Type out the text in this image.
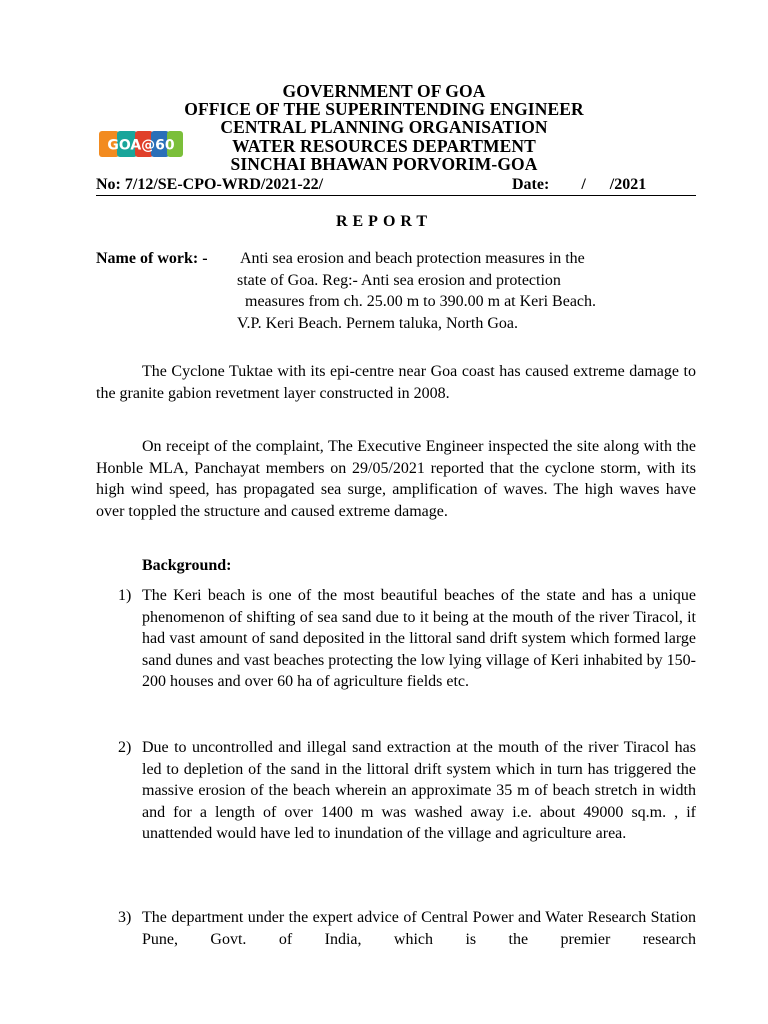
GOVERNMENT OF GOA
OFFICE OF THE SUPERINTENDING ENGINEER
CENTRAL PLANNING ORGANISATION
WATER RESOURCES DEPARTMENT
SINCHAI BHAWAN PORVORIM-GOA
GOA@60
No: 7/12/SE-CPO-WRD/2021-22/	Date:        /      /2021
REPORT
Name of work: - Anti sea erosion and beach protection measures in the
state of Goa. Reg:- Anti sea erosion and protection
measures from ch. 25.00 m to 390.00 m at Keri Beach.
V.P. Keri Beach. Pernem taluka, North Goa.
The Cyclone Tuktae with its epi-centre near Goa coast has caused extreme damage to the granite gabion revetment layer constructed in 2008.
On receipt of the complaint, The Executive Engineer inspected the site along with the Honble MLA, Panchayat members on 29/05/2021 reported that the cyclone storm, with its high wind speed, has propagated sea surge, amplification of waves. The high waves have over toppled the structure and caused extreme damage.
Background:
1) The Keri beach is one of the most beautiful beaches of the state and has a unique phenomenon of shifting of sea sand due to it being at the mouth of the river Tiracol, it had vast amount of sand deposited in the littoral sand drift system which formed large sand dunes and vast beaches protecting the low lying village of Keri inhabited by 150-200 houses and over 60 ha of agriculture fields etc.
2) Due to uncontrolled and illegal sand extraction at the mouth of the river Tiracol has led to depletion of the sand in the littoral drift system which in turn has triggered the massive erosion of the beach wherein an approximate 35 m of beach stretch in width and for a length of over 1400 m was washed away i.e. about 49000 sq.m. , if unattended would have led to inundation of the village and agriculture area.
3) The department under the expert advice of Central Power and Water Research Station Pune, Govt. of India, which is the premier research
